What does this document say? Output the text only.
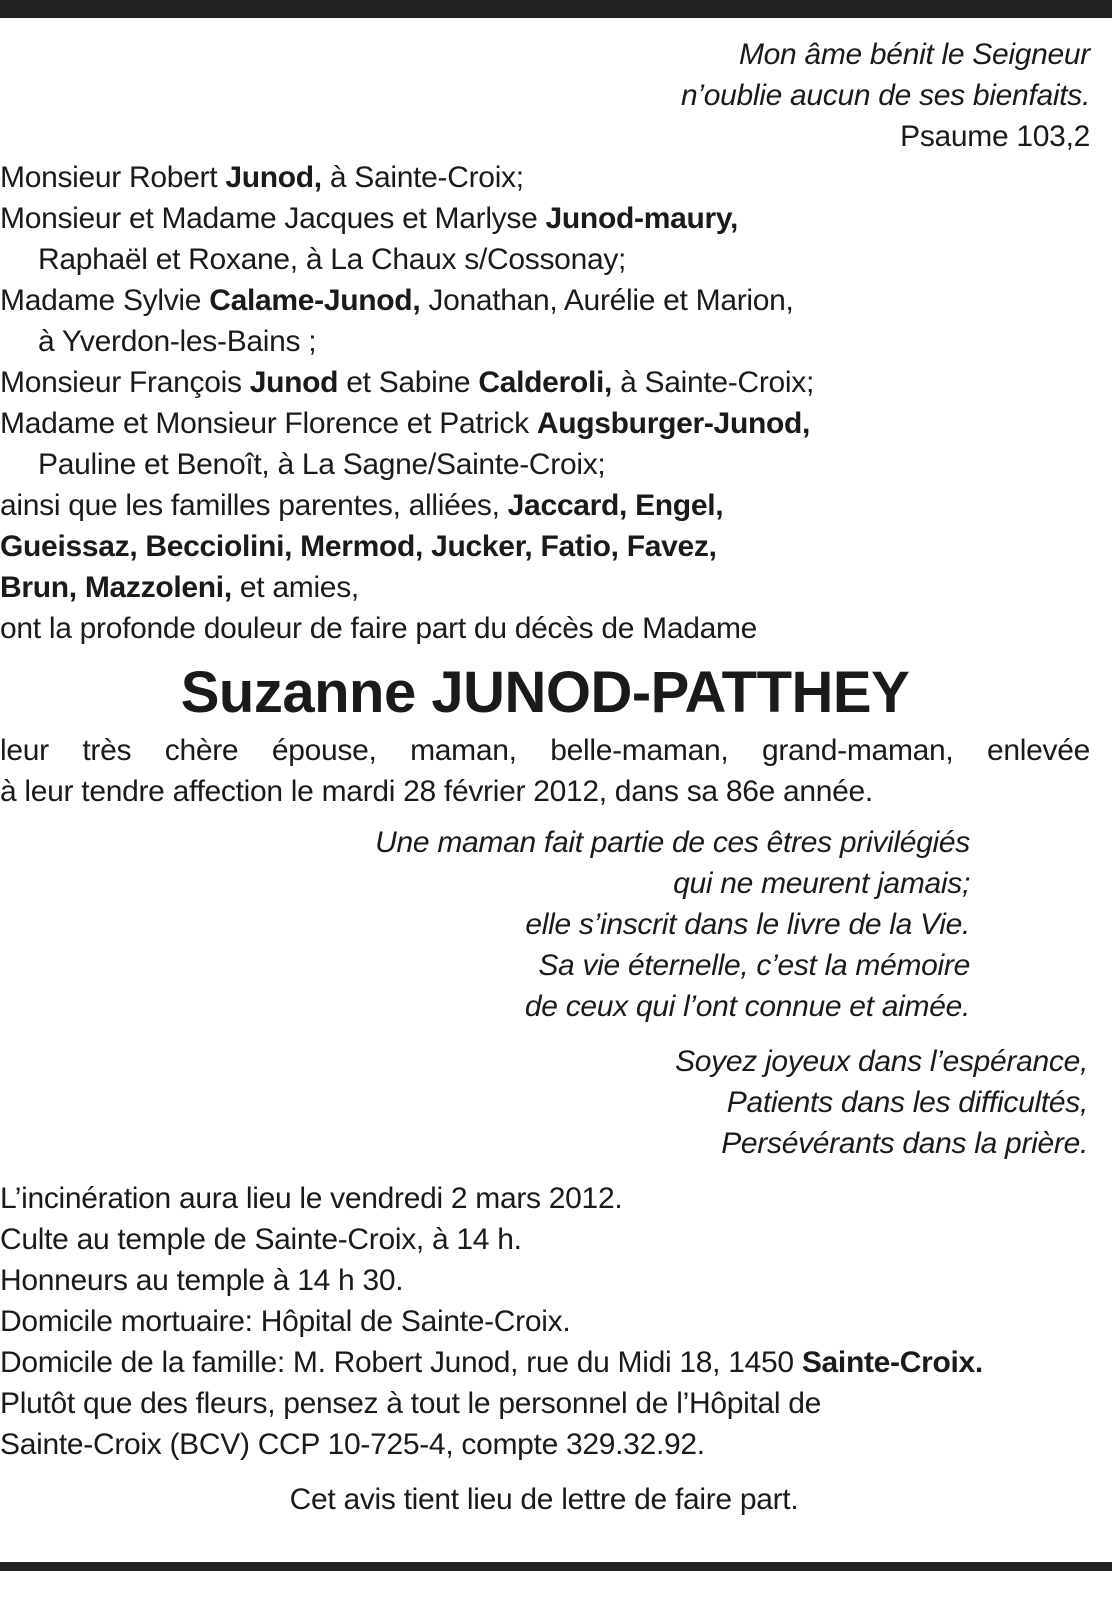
Mon âme bénit le Seigneur
n’oublie aucun de ses bienfaits.
Psaume 103,2
Monsieur Robert Junod, à Sainte-Croix;
Monsieur et Madame Jacques et Marlyse Junod-maury,
Raphaël et Roxane, à La Chaux s/Cossonay;
Madame Sylvie Calame-Junod, Jonathan, Aurélie et Marion,
à Yverdon-les-Bains ;
Monsieur François Junod et Sabine Calderoli, à Sainte-Croix;
Madame et Monsieur Florence et Patrick Augsburger-Junod,
Pauline et Benoît, à La Sagne/Sainte-Croix;
ainsi que les familles parentes, alliées, Jaccard, Engel,
Gueissaz, Becciolini, Mermod, Jucker, Fatio, Favez,
Brun, Mazzoleni, et amies,
ont la profonde douleur de faire part du décès de Madame
Suzanne JUNOD-PATTHEY
leur très chère épouse, maman, belle-maman, grand-maman, enlevée
à leur tendre affection le mardi 28 février 2012, dans sa 86e année.
Une maman fait partie de ces êtres privilégiés
qui ne meurent jamais;
elle s’inscrit dans le livre de la Vie.
Sa vie éternelle, c’est la mémoire
de ceux qui l’ont connue et aimée.
Soyez joyeux dans l’espérance,
Patients dans les difficultés,
Persévérants dans la prière.
L’incinération aura lieu le vendredi 2 mars 2012.
Culte au temple de Sainte-Croix, à 14 h.
Honneurs au temple à 14 h 30.
Domicile mortuaire: Hôpital de Sainte-Croix.
Domicile de la famille: M. Robert Junod, rue du Midi 18, 1450 Sainte-Croix.
Plutôt que des fleurs, pensez à tout le personnel de l’Hôpital de
Sainte-Croix (BCV) CCP 10-725-4, compte 329.32.92.
Cet avis tient lieu de lettre de faire part.
